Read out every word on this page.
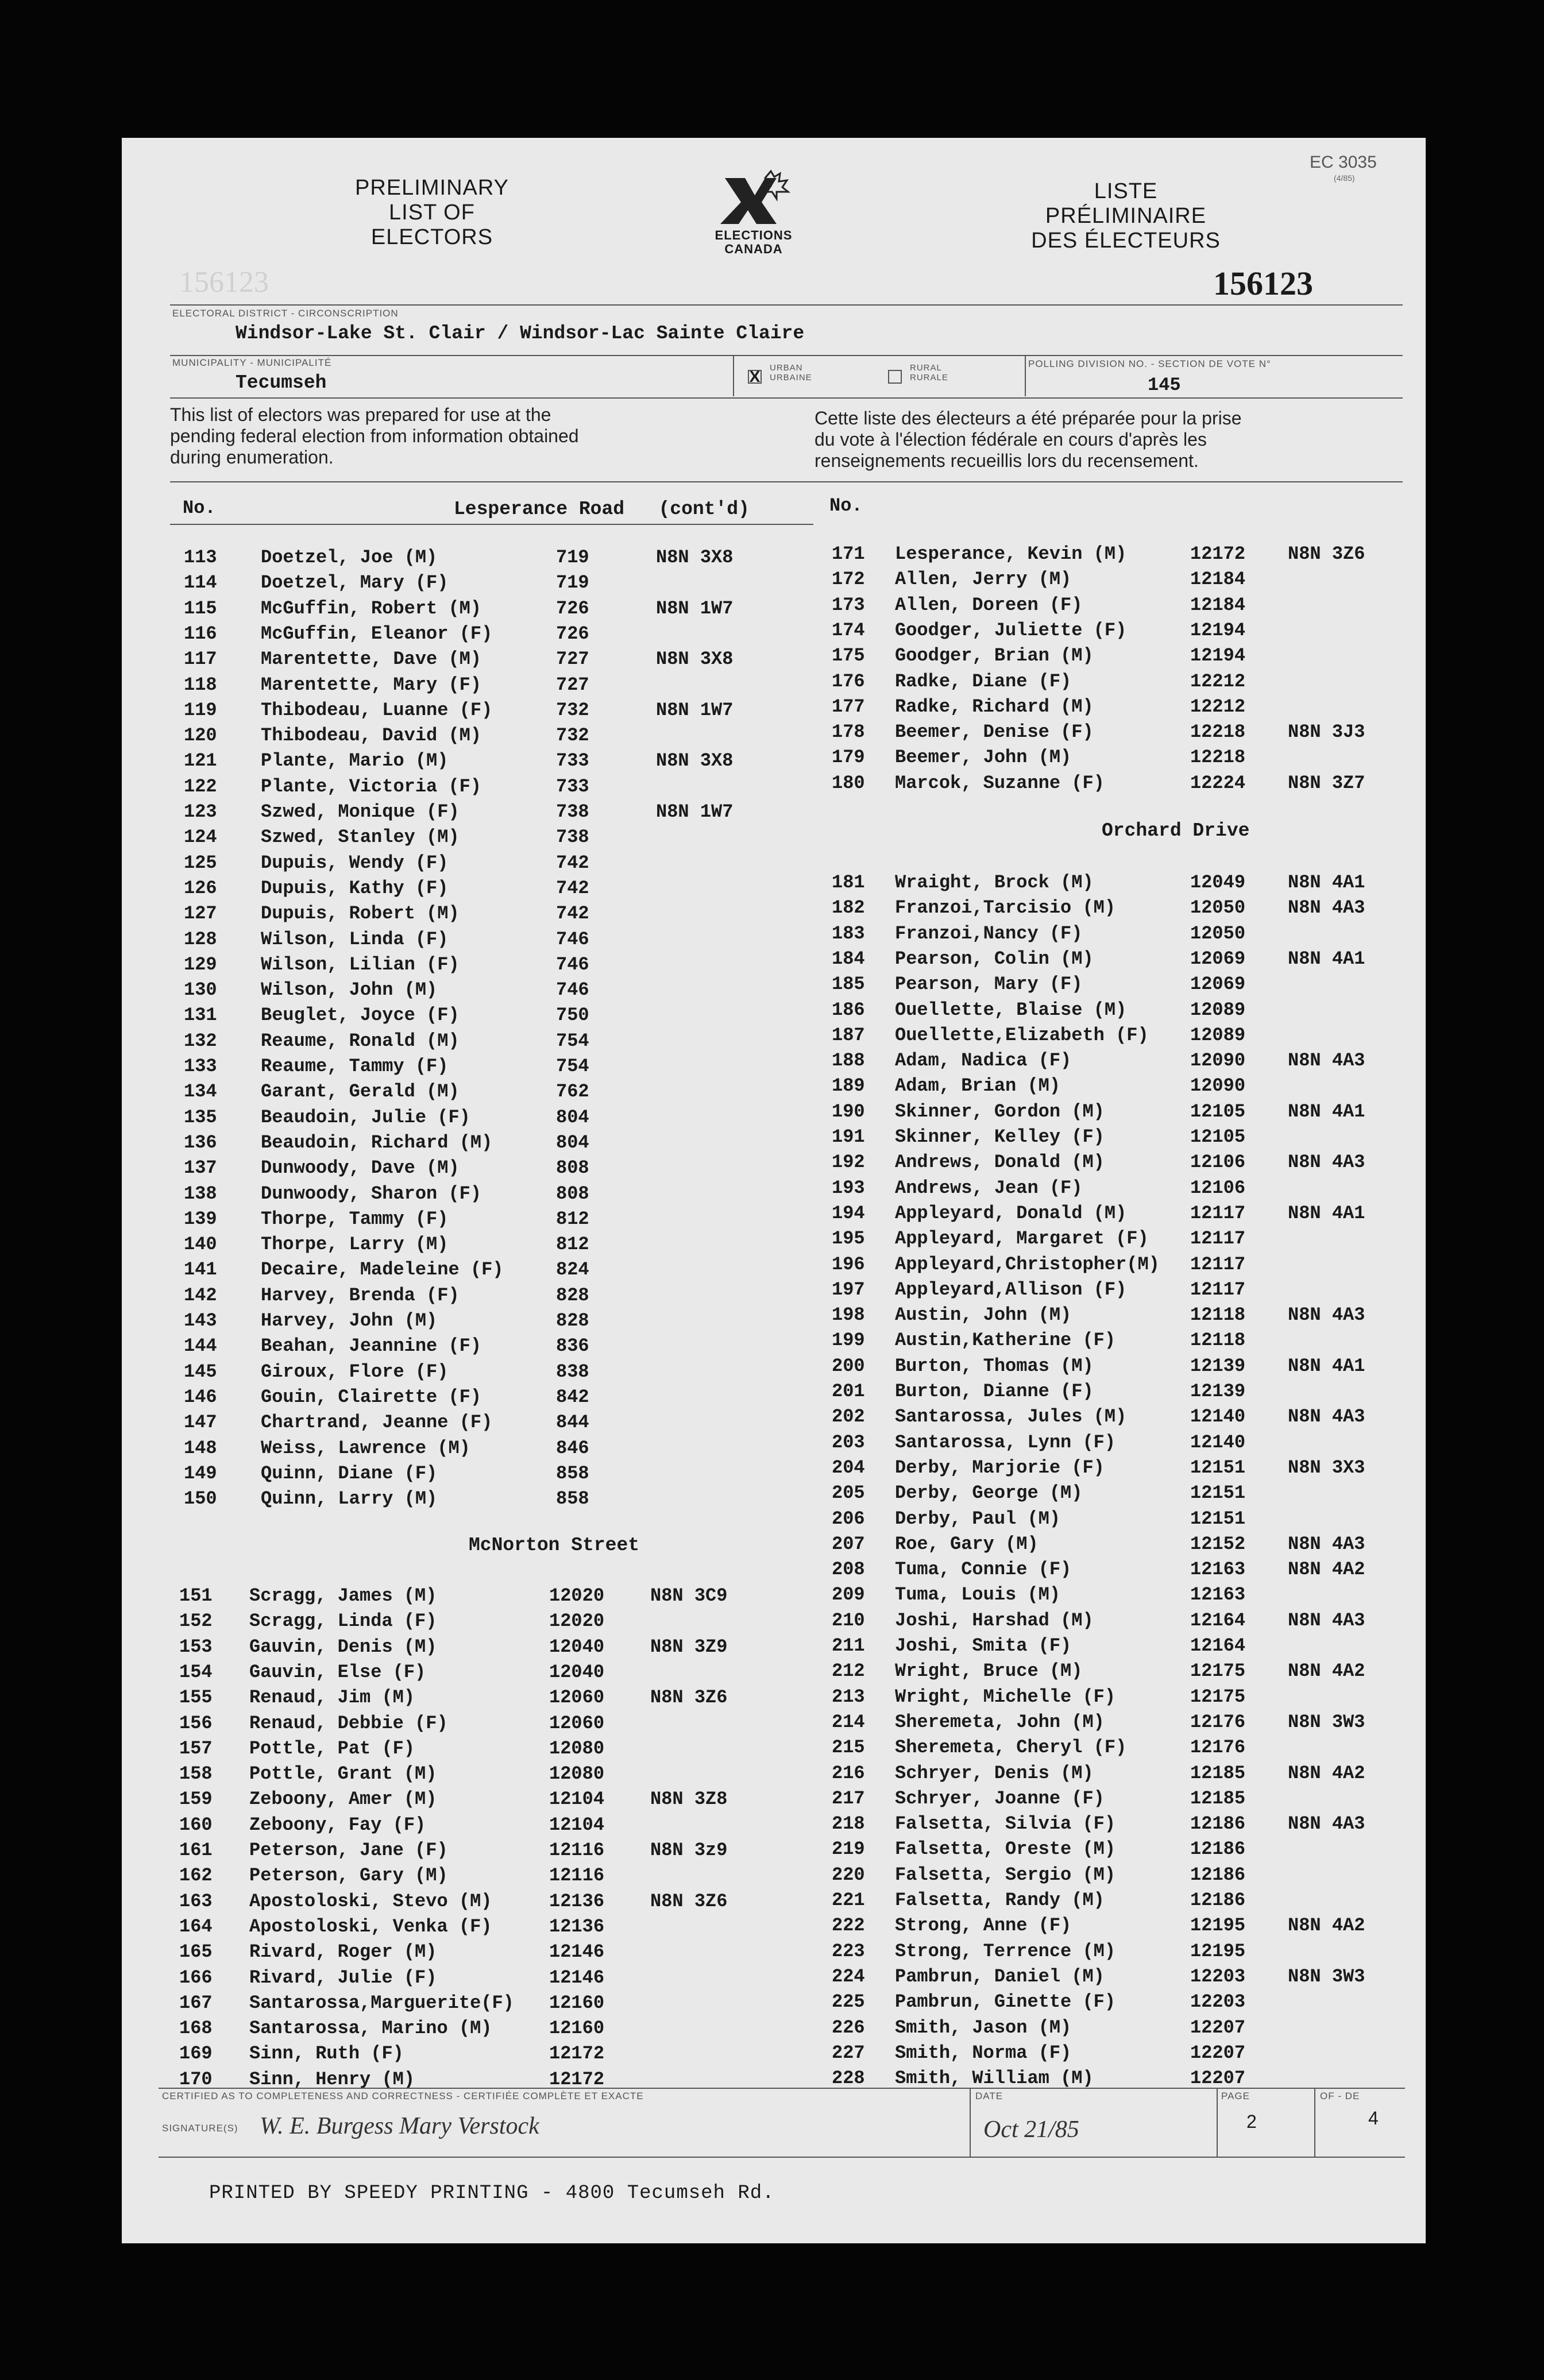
156123
PRELIMINARY
LIST OF
ELECTORS	ELECTIONS
CANADA
LISTE
PRÉLIMINAIRE
DES ÉLECTEURS
EC 3035
(4/85)
156123
ELECTORAL DISTRICT - CIRCONSCRIPTION
Windsor-Lake St. Clair / Windsor-Lac Sainte Claire
MUNICIPALITY - MUNICIPALITÉ
Tecumseh	X URBAN
URBAINE
RURAL
RURALE
POLLING DIVISION NO. - SECTION DE VOTE N°
145
This list of electors was prepared for use at the
pending federal election from information obtained
during enumeration.
Cette liste des électeurs a été préparée pour la prise
du vote à l'élection fédérale en cours d'après les
renseignements recueillis lors du recensement.
No.	Lesperance Road   (cont'd)	No.
113 Doetzel, Joe (M)	719	N8N 3X8
114 Doetzel, Mary (F)	719
115 McGuffin, Robert (M)	726	N8N 1W7
116 McGuffin, Eleanor (F)	726
117 Marentette, Dave (M)	727	N8N 3X8
118 Marentette, Mary (F)	727
119 Thibodeau, Luanne (F)	732	N8N 1W7
120 Thibodeau, David (M)	732
121 Plante, Mario (M)	733	N8N 3X8
122 Plante, Victoria (F)	733
123 Szwed, Monique (F)	738	N8N 1W7
124 Szwed, Stanley (M)	738
125 Dupuis, Wendy (F)	742
126 Dupuis, Kathy (F)	742
127 Dupuis, Robert (M)	742
128 Wilson, Linda (F)	746
129 Wilson, Lilian (F)	746
130 Wilson, John (M)	746
131 Beuglet, Joyce (F)	750
132 Reaume, Ronald (M)	754
133 Reaume, Tammy (F)	754
134 Garant, Gerald (M)	762
135 Beaudoin, Julie (F)	804
136 Beaudoin, Richard (M)	804
137 Dunwoody, Dave (M)	808
138 Dunwoody, Sharon (F)	808
139 Thorpe, Tammy (F)	812
140 Thorpe, Larry (M)	812
141 Decaire, Madeleine (F)	824
142 Harvey, Brenda (F)	828
143 Harvey, John (M)	828
144 Beahan, Jeannine (F)	836
145 Giroux, Flore (F)	838
146 Gouin, Clairette (F)	842
147 Chartrand, Jeanne (F)	844
148 Weiss, Lawrence (M)	846
149 Quinn, Diane (F)	858
150 Quinn, Larry (M)	858
McNorton Street
151 Scragg, James (M)	12020 N8N 3C9
152 Scragg, Linda (F)	12020
153 Gauvin, Denis (M)	12040 N8N 3Z9
154 Gauvin, Else (F)	12040
155 Renaud, Jim (M)	12060 N8N 3Z6
156 Renaud, Debbie (F)	12060
157 Pottle, Pat (F)	12080
158 Pottle, Grant (M)	12080
159 Zeboony, Amer (M)	12104 N8N 3Z8
160 Zeboony, Fay (F)	12104
161 Peterson, Jane (F)	12116 N8N 3z9
162 Peterson, Gary (M)	12116
163 Apostoloski, Stevo (M)	12136 N8N 3Z6
164 Apostoloski, Venka (F)	12136
165 Rivard, Roger (M)	12146
166 Rivard, Julie (F)	12146
167 Santarossa,Marguerite(F) 12160
168 Santarossa, Marino (M)	12160
169 Sinn, Ruth (F)	12172
170 Sinn, Henry (M)	12172
171 Lesperance, Kevin (M)	12172 N8N 3Z6
172 Allen, Jerry (M)	12184
173 Allen, Doreen (F)	12184
174 Goodger, Juliette (F)	12194
175 Goodger, Brian (M)	12194
176 Radke, Diane (F)	12212
177 Radke, Richard (M)	12212
178 Beemer, Denise (F)	12218 N8N 3J3
179 Beemer, John (M)	12218
180 Marcok, Suzanne (F)	12224 N8N 3Z7
Orchard Drive
181 Wraight, Brock (M)	12049 N8N 4A1
182 Franzoi,Tarcisio (M)	12050 N8N 4A3
183 Franzoi,Nancy (F)	12050
184 Pearson, Colin (M)	12069 N8N 4A1
185 Pearson, Mary (F)	12069
186 Ouellette, Blaise (M)	12089
187 Ouellette,Elizabeth (F) 12089
188 Adam, Nadica (F)	12090 N8N 4A3
189 Adam, Brian (M)	12090
190 Skinner, Gordon (M)	12105 N8N 4A1
191 Skinner, Kelley (F)	12105
192 Andrews, Donald (M)	12106 N8N 4A3
193 Andrews, Jean (F)	12106
194 Appleyard, Donald (M)	12117 N8N 4A1
195 Appleyard, Margaret (F) 12117
196 Appleyard,Christopher(M) 12117
197 Appleyard,Allison (F)	12117
198 Austin, John (M)	12118 N8N 4A3
199 Austin,Katherine (F)	12118
200 Burton, Thomas (M)	12139 N8N 4A1
201 Burton, Dianne (F)	12139
202 Santarossa, Jules (M)	12140 N8N 4A3
203 Santarossa, Lynn (F)	12140
204 Derby, Marjorie (F)	12151 N8N 3X3
205 Derby, George (M)	12151
206 Derby, Paul (M)	12151
207 Roe, Gary (M)	12152 N8N 4A3
208 Tuma, Connie (F)	12163 N8N 4A2
209 Tuma, Louis (M)	12163
210 Joshi, Harshad (M)	12164 N8N 4A3
211 Joshi, Smita (F)	12164
212 Wright, Bruce (M)	12175 N8N 4A2
213 Wright, Michelle (F)	12175
214 Sheremeta, John (M)	12176 N8N 3W3
215 Sheremeta, Cheryl (F)	12176
216 Schryer, Denis (M)	12185 N8N 4A2
217 Schryer, Joanne (F)	12185
218 Falsetta, Silvia (F)	12186 N8N 4A3
219 Falsetta, Oreste (M)	12186
220 Falsetta, Sergio (M)	12186
221 Falsetta, Randy (M)	12186
222 Strong, Anne (F)	12195 N8N 4A2
223 Strong, Terrence (M)	12195
224 Pambrun, Daniel (M)	12203 N8N 3W3
225 Pambrun, Ginette (F)	12203
226 Smith, Jason (M)	12207
227 Smith, Norma (F)	12207
228 Smith, William (M)	12207
CERTIFIED AS TO COMPLETENESS AND CORRECTNESS - CERTIFIÉE COMPLÈTE ET EXACTE
SIGNATURE(S) W. E. Burgess Mary Verstock
DATE
Oct 21/85
PAGE
2
OF - DE
4
PRINTED BY SPEEDY PRINTING - 4800 Tecumseh Rd.
